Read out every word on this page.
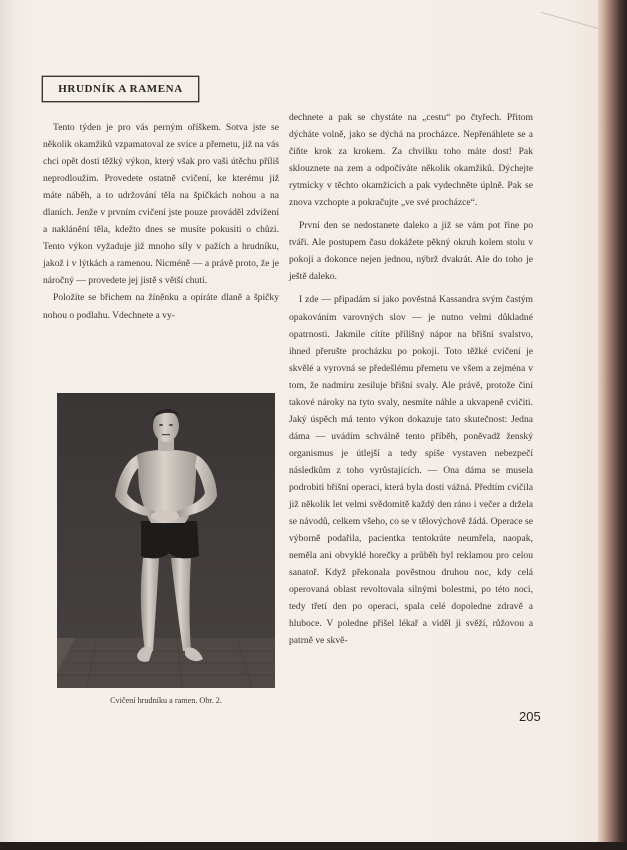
HRUDNÍK A RAMENA

Tento týden je pro vás perným oříškem. Sotva jste se několik okamžiků vzpamatoval ze svíce a přemetu, již na vás chci opět dosti těžký výkon, který však pro vaši útěchu příliš neprodloužím. Provedete ostatně cvičení, ke kterému již máte náběh, a to udržování těla na špičkách nohou a na dlaních. Jenže v prvním cvičení jste pouze prováděl zdvižení a naklánění těla, kdežto dnes se musíte pokusiti o chůzi. Tento výkon vyžaduje již mnoho síly v pažích a hrudníku, jakož i v lýtkách a ramenou. Nicméně — a právě proto, že je náročný — provedete jej jistě s větší chutí.

Položíte se břichem na žíněnku a opíráte dlaně a špičky nohou o podlahu. Vdechnete a vy-

Cvičení hrudníku a ramen. Obr. 2.

dechnete a pak se chystáte na „cestu“ po čtyřech. Přitom dýcháte volně, jako se dýchá na procházce. Nepřenáhlete se a čiňte krok za krokem. Za chvilku toho máte dost! Pak sklouznete na zem a odpočíváte několik okamžiků. Dýchejte rytmicky v těchto okamžicích a pak vydechněte úplně. Pak se znova vzchopte a pokračujte „ve své procházce“.

První den se nedostanete daleko a již se vám pot řine po tváři. Ale postupem času dokážete pěkný okruh kolem stolu v pokoji a dokonce nejen jednou, nýbrž dvakrát. Ale do toho je ještě daleko.

I zde — připadám si jako pověstná Kassandra svým častým opakováním varovných slov — je nutno velmi důkladné opatrnosti. Jakmile cítíte přílišný nápor na břišní svalstvo, ihned přerušte procházku po pokoji. Toto těžké cvičení je skvělé a vyrovná se předešlému přemetu ve všem a zejména v tom, že nadmíru zesiluje břišní svaly. Ale právě, protože činí takové nároky na tyto svaly, nesmíte náhle a ukvapeně cvičiti. Jaký úspěch má tento výkon dokazuje tato skutečnost: Jedna dáma — uvádím schválně tento příběh, poněvadž ženský organismus je útlejší a tedy spíše vystaven nebezpečí následkům z toho vyrůstajících. — Ona dáma se musela podrobiti břišní operaci, která byla dosti vážná. Předtím cvičila již několik let velmi svědomitě každý den ráno i večer a držela se návodů, celkem všeho, co se v tělovýchově žádá. Operace se výborně podařila, pacientka tentokráte neumřela, naopak, neměla ani obvyklé horečky a průběh byl reklamou pro celou sanatoř. Když překonala pověstnou druhou noc, kdy celá operovaná oblast revoltovala silnými bolestmi, po této noci, tedy třetí den po operaci, spala celé dopoledne zdravě a hluboce. V poledne přišel lékař a viděl ji svěží, růžovou a patrně ve skvě-

205
